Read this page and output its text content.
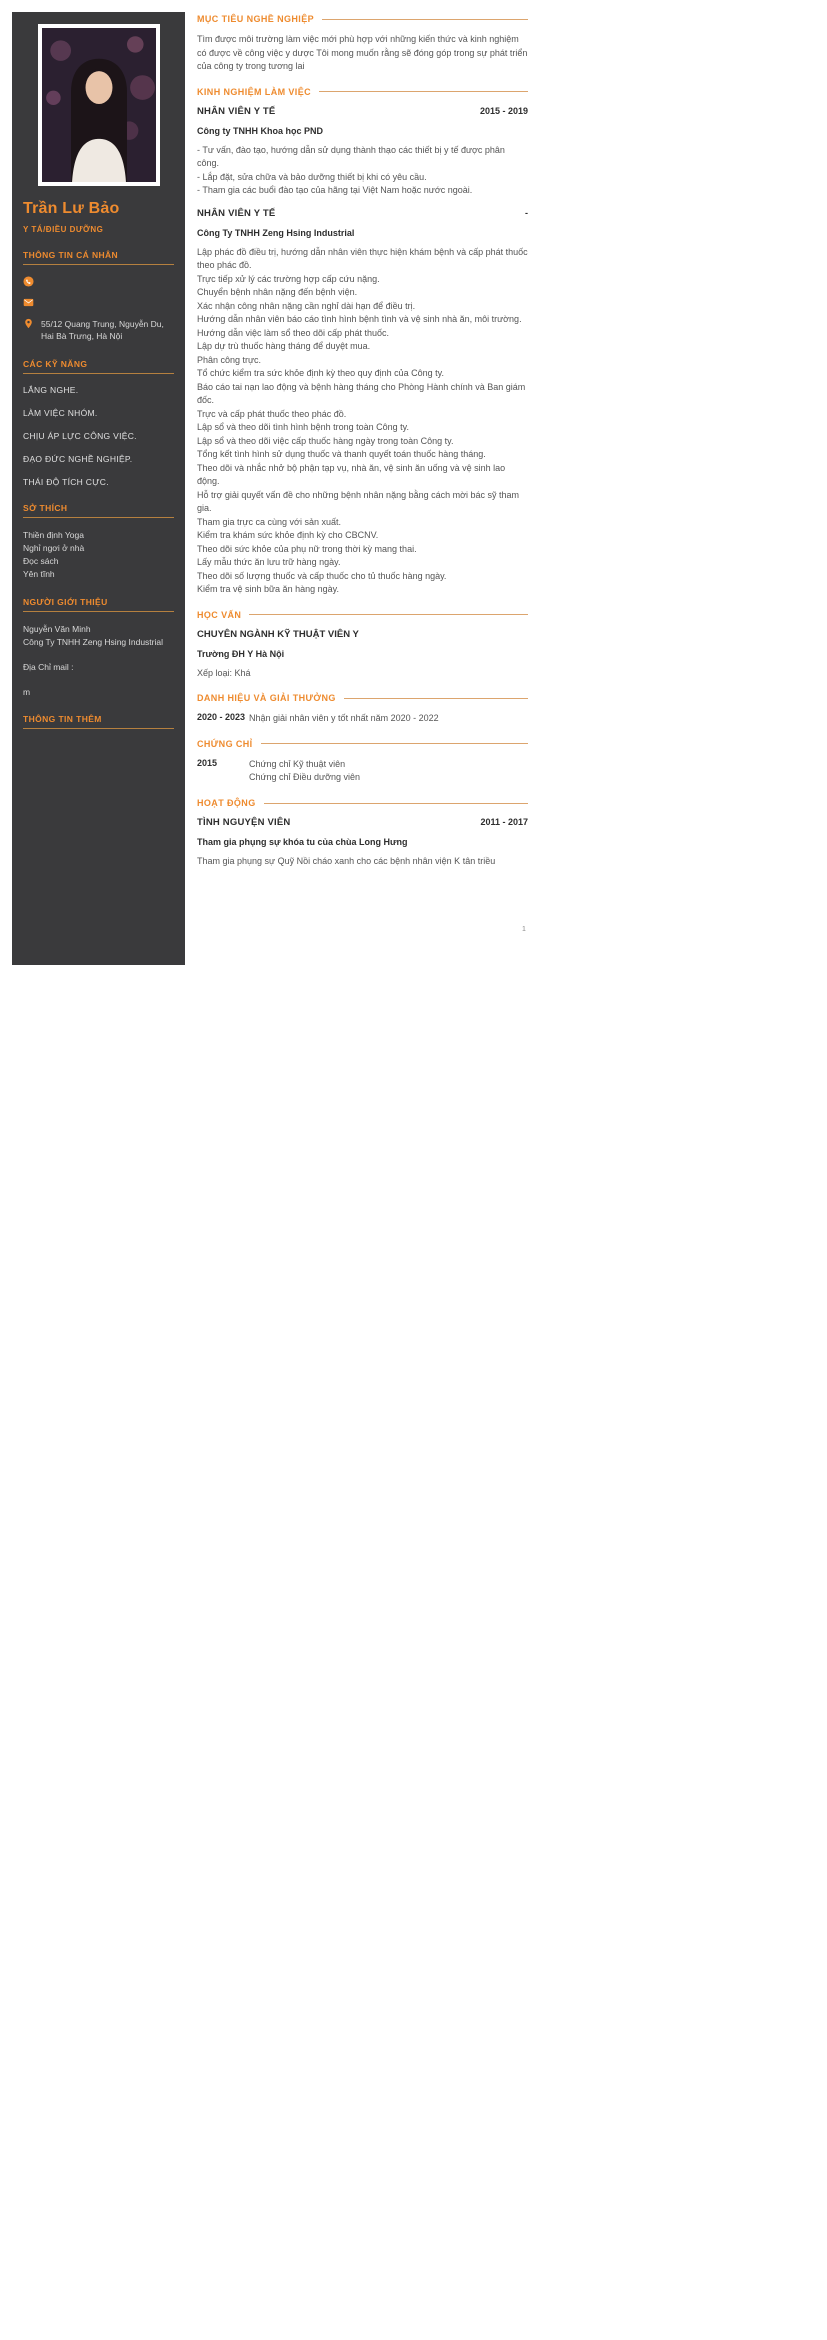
Trần Lư Bảo
Y TÁ/ĐIỀU DƯỠNG
THÔNG TIN CÁ NHÂN
55/12 Quang Trung, Nguyễn Du, Hai Bà Trưng, Hà Nội
CÁC KỸ NĂNG
LẮNG NGHE.
LÀM VIỆC NHÓM.
CHỊU ÁP LỰC CÔNG VIỆC.
ĐẠO ĐỨC NGHỀ NGHIỆP.
THÁI ĐỘ TÍCH CỰC.
SỞ THÍCH
Thiền định Yoga
Nghỉ ngơi ở nhà
Đọc sách
Yên tĩnh
NGƯỜI GIỚI THIỆU
Nguyễn Văn Minh
Công Ty TNHH Zeng Hsing Industrial
Địa Chỉ mail :
m
THÔNG TIN THÊM
MỤC TIÊU NGHỀ NGHIỆP

Tìm được môi trường làm việc mới phù hợp với những kiến thức và kinh nghiệm có được về công việc y dược Tôi mong muốn rằng sẽ đóng góp trong sự phát triển của công ty trong tương lai

KINH NGHIỆM LÀM VIỆC
NHÂN VIÊN Y TẾ	2015 - 2019
Công ty TNHH Khoa học PND
- Tư vấn, đào tạo, hướng dẫn sử dụng thành thạo các thiết bị y tế được phân công.
- Lắp đặt, sửa chữa và bảo dưỡng thiết bị khi có yêu cầu.
- Tham gia các buổi đào tạo của hãng tại Việt Nam hoặc nước ngoài.
NHÂN VIÊN Y TẾ	-
Công Ty TNHH Zeng Hsing Industrial
Lập phác đồ điều trị, hướng dẫn nhân viên thực hiện khám bệnh và cấp phát thuốc theo phác đồ.
Trực tiếp xử lý các trường hợp cấp cứu nặng.
Chuyển bệnh nhân nặng đến bệnh viện.
Xác nhận công nhân nặng cần nghỉ dài hạn để điều trị.
Hướng dẫn nhân viên báo cáo tình hình bệnh tình và vệ sinh nhà ăn, môi trường.
Hướng dẫn việc làm sổ theo dõi cấp phát thuốc.
Lập dự trù thuốc hàng tháng để duyệt mua.
Phân công trực.
Tổ chức kiểm tra sức khỏe định kỳ theo quy định của Công ty.
Báo cáo tai nạn lao động và bệnh hàng tháng cho Phòng Hành chính và Ban giám đốc.
Trực và cấp phát thuốc theo phác đồ.
Lập sổ và theo dõi tình hình bệnh trong toàn Công ty.
Lập sổ và theo dõi việc cấp thuốc hàng ngày trong toàn Công ty.
Tổng kết tình hình sử dụng thuốc và thanh quyết toán thuốc hàng tháng.
Theo dõi và nhắc nhở bộ phận tạp vụ, nhà ăn, vệ sinh ăn uống và vệ sinh lao động.
Hỗ trợ giải quyết vấn đề cho những bệnh nhân nặng bằng cách mời bác sỹ tham gia.
Tham gia trực ca cùng với sản xuất.
Kiểm tra khám sức khỏe định kỳ cho CBCNV.
Theo dõi sức khỏe của phụ nữ trong thời kỳ mang thai.
Lấy mẫu thức ăn lưu trữ hàng ngày.
Theo dõi số lượng thuốc và cấp thuốc cho tủ thuốc hàng ngày.
Kiểm tra vệ sinh bữa ăn hàng ngày.
HỌC VẤN
CHUYÊN NGÀNH KỸ THUẬT VIÊN Y
Trường ĐH Y Hà Nội
Xếp loại: Khá
DANH HIỆU VÀ GIẢI THƯỞNG
2020 - 2023 Nhận giải nhân viên y tốt nhất năm 2020 - 2022
CHỨNG CHỈ
2015	Chứng chỉ Kỹ thuật viên
Chứng chỉ Điều dưỡng viên
HOẠT ĐỘNG
TÌNH NGUYỆN VIÊN	2011 - 2017
Tham gia phụng sự khóa tu của chùa Long Hưng
Tham gia phụng sự Quỹ Nồi cháo xanh cho các bệnh nhân viện K tân triều
1
